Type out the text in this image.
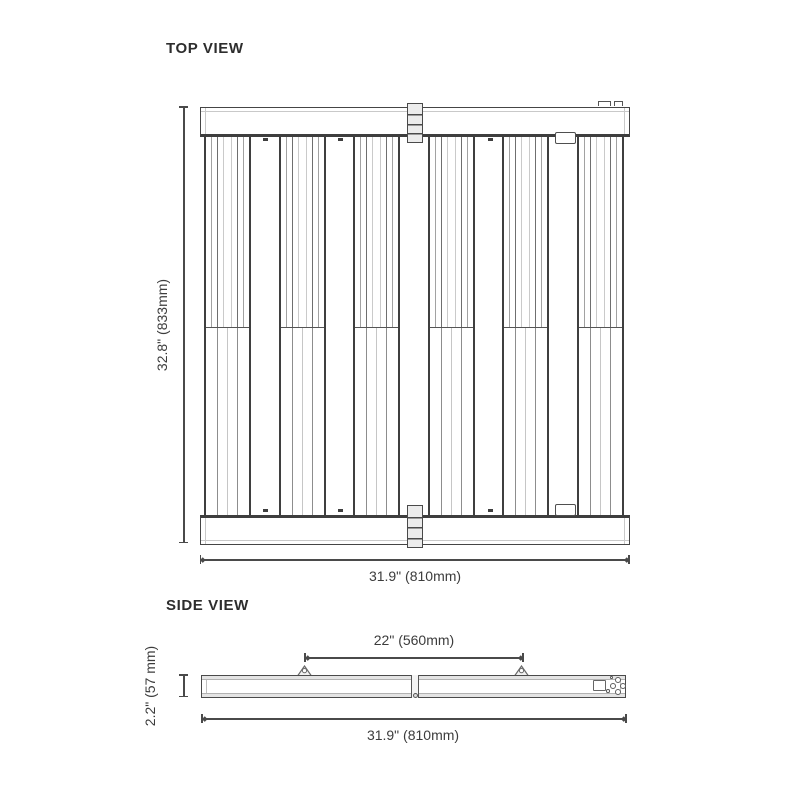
TOP VIEW
32.8" (833mm)
31.9" (810mm)
SIDE VIEW
22" (560mm)
2.2" (57 mm)
31.9" (810mm)
